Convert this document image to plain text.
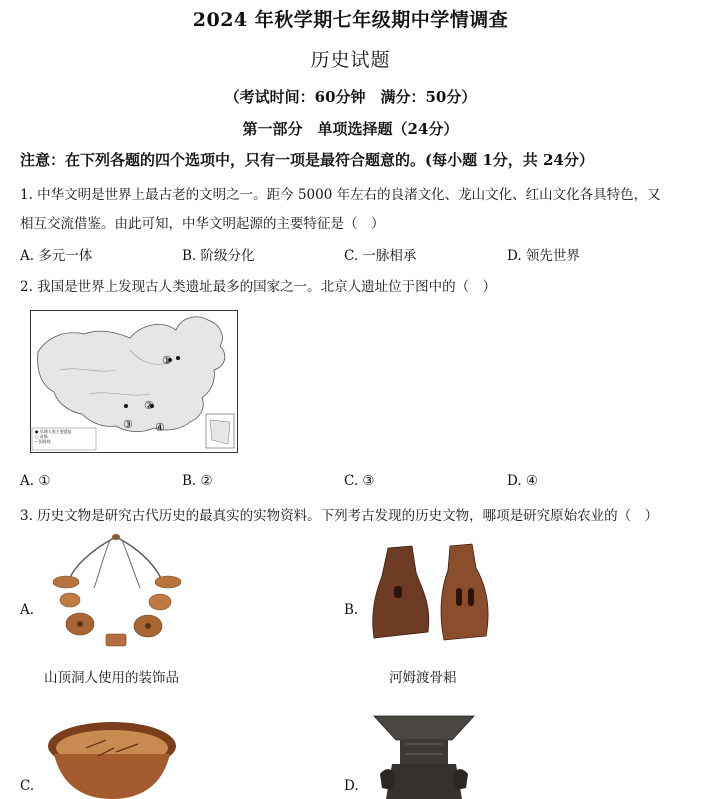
2024 年秋学期七年级期中学情调查
历史试题
（考试时间：60分钟　满分：50分）
第一部分　单项选择题（24分）
注意：在下列各题的四个选项中，只有一项是最符合题意的。(每小题 1分，共 24分）
1. 中华文明是世界上最古老的文明之一。距今 5000 年左右的良渚文化、龙山文化、红山文化各具特色，又
相互交流借鉴。由此可知，中华文明起源的主要特征是（　）
A. 多元一体	B. 阶级分化	C. 一脉相承	D. 领先世界
2. 我国是世界上发现古人类遗址最多的国家之一。北京人遗址位于图中的（　）
①
②
③ ④
● 早期人类主要遗址
○ 首都
─ 国界线
A. ①	B. ②	C. ③	D. ④
3. 历史文物是研究古代历史的最真实的实物资料。下列考古发现的历史文物，哪项是研究原始农业的（　）
A.
山顶洞人使用的装饰品
B.
河姆渡骨耜
C.	D.
